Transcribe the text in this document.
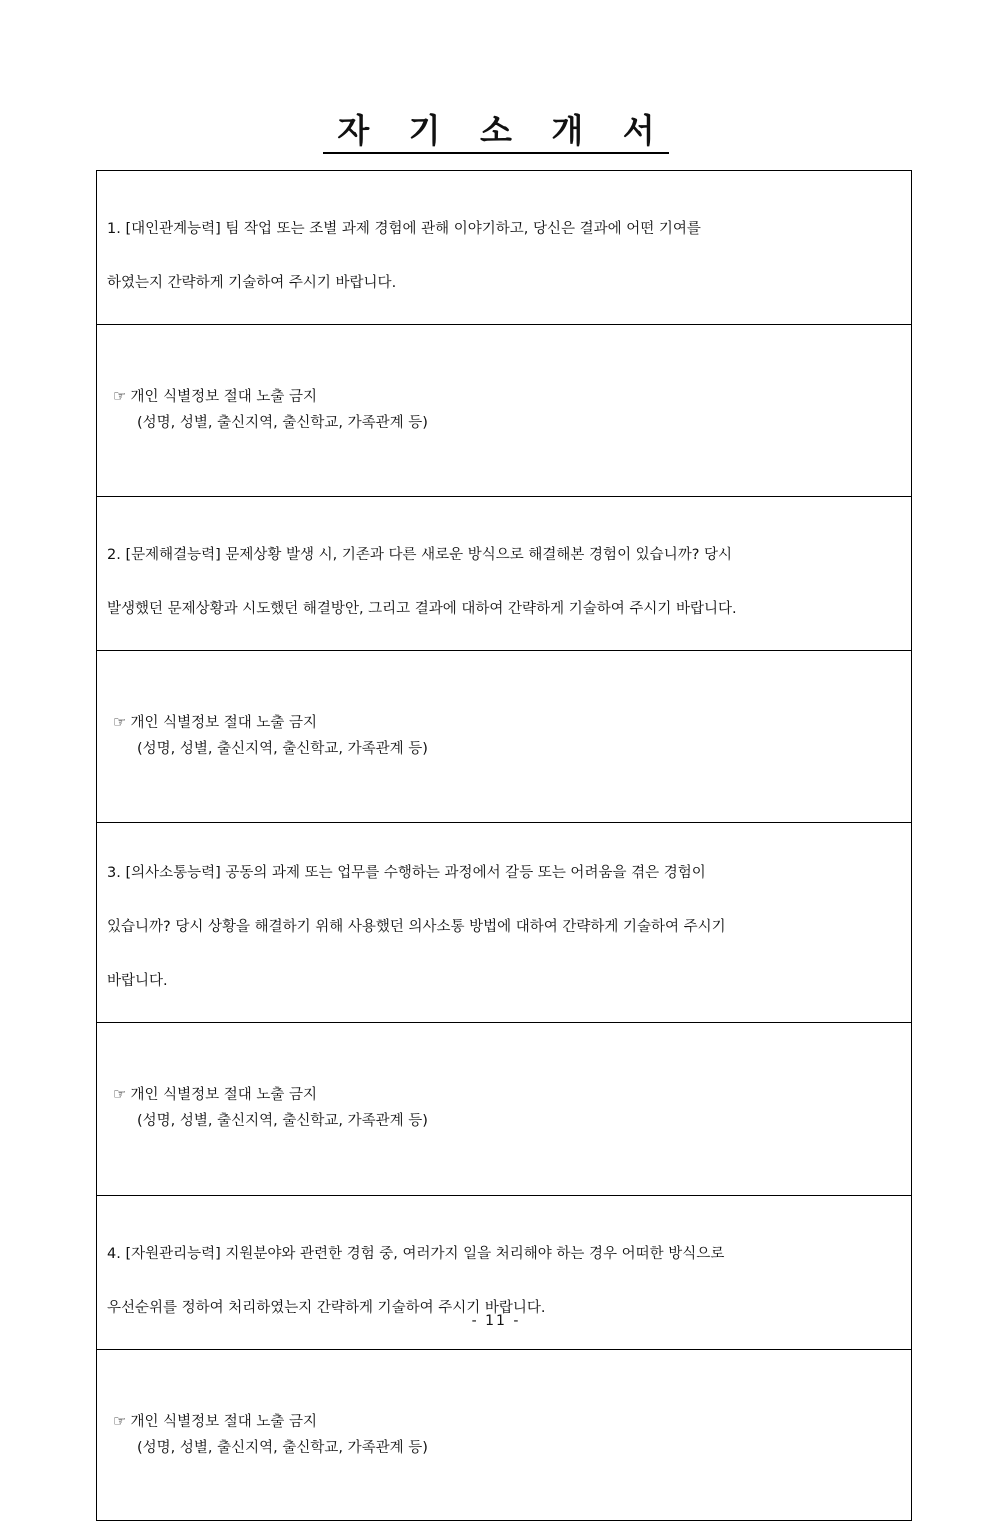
자 기 소 개 서

1. [대인관계능력] 팀 작업 또는 조별 과제 경험에 관해 이야기하고, 당신은 결과에 어떤 기여를

하였는지 간략하게 기술하여 주시기 바랍니다.

☞ 개인 식별정보 절대 노출 금지
(성명, 성별, 출신지역, 출신학교, 가족관계 등)

2. [문제해결능력] 문제상황 발생 시, 기존과 다른 새로운 방식으로 해결해본 경험이 있습니까? 당시

발생했던 문제상황과 시도했던 해결방안, 그리고 결과에 대하여 간략하게 기술하여 주시기 바랍니다.

☞ 개인 식별정보 절대 노출 금지
(성명, 성별, 출신지역, 출신학교, 가족관계 등)

3. [의사소통능력] 공동의 과제 또는 업무를 수행하는 과정에서 갈등 또는 어려움을 겪은 경험이

있습니까? 당시 상황을 해결하기 위해 사용했던 의사소통 방법에 대하여 간략하게 기술하여 주시기

바랍니다.

☞ 개인 식별정보 절대 노출 금지
(성명, 성별, 출신지역, 출신학교, 가족관계 등)

4. [자원관리능력] 지원분야와 관련한 경험 중, 여러가지 일을 처리해야 하는 경우 어떠한 방식으로

우선순위를 정하여 처리하였는지 간략하게 기술하여 주시기 바랍니다.

☞ 개인 식별정보 절대 노출 금지
(성명, 성별, 출신지역, 출신학교, 가족관계 등)
- 11 -
